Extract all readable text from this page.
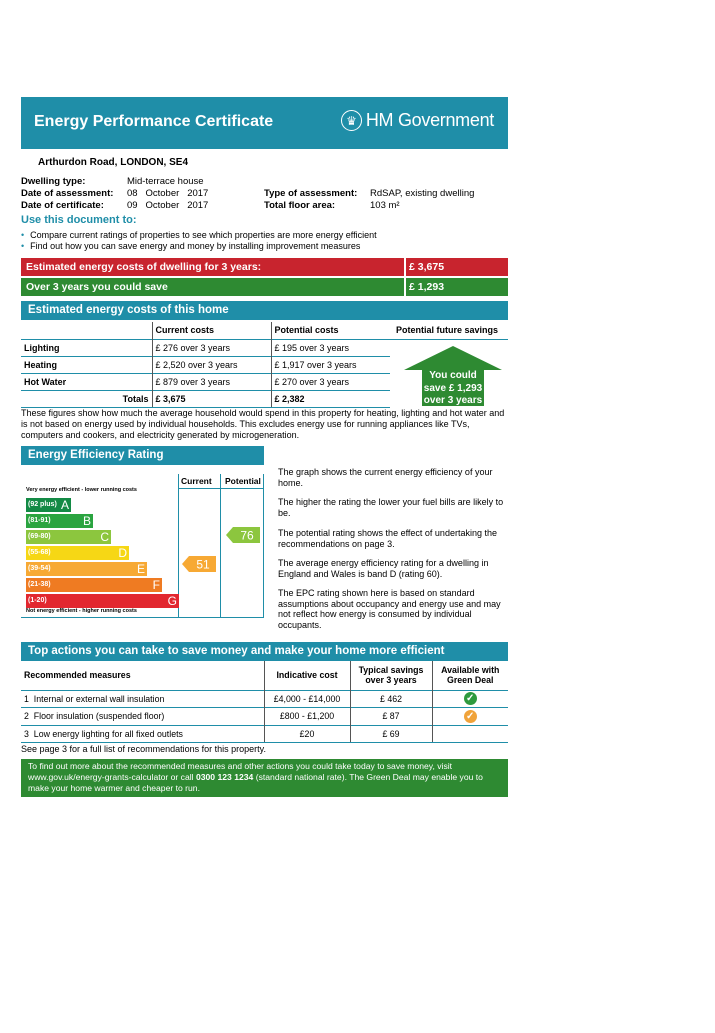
Energy Performance Certificate	♛ HM Government
Arthurdon Road, LONDON, SE4
Dwelling type:	Mid-terrace house
Date of assessment: 08   October   2017
Date of certificate: 09   October   2017
Type of assessment: RdSAP, existing dwelling
Total floor area:	103 m²
Use this document to:
• Compare current ratings of properties to see which properties are more energy efficient
• Find out how you can save energy and money by installing improvement measures
Estimated energy costs of dwelling for 3 years:	£ 3,675
Over 3 years you could save	£ 1,293
Estimated energy costs of this home
	Current costs	Potential costs	Potential future savings
Lighting	£ 276 over 3 years	£ 195 over 3 years	You could
save £ 1,293
over 3 years

Heating	£ 2,520 over 3 years	£ 1,917 over 3 years	
Hot Water	£ 879 over 3 years	£ 270 over 3 years	
Totals	£ 3,675	£ 2,382	
These figures show how much the average household would spend in this property for heating, lighting and hot water and is not based on energy used by individual households. This excludes energy use for running appliances like TVs, computers and cookers, and electricity generated by microgeneration.
Energy Efficiency Rating
Current Potential
Very energy efficient - lower running costs
Not energy efficient - higher running costs
(92 plus) A
(81-91)	B
(69-80)	C
(55-68)	D
(39-54)	E
(21-38)	F
(1-20)	G
51
76
The graph shows the current energy efficiency of your home.
The higher the rating the lower your fuel bills are likely to be.
The potential rating shows the effect of undertaking the recommendations on page 3.
The average energy efficiency rating for a dwelling in England and Wales is band D (rating 60).
The EPC rating shown here is based on standard assumptions about occupancy and energy use and may not reflect how energy is consumed by individual occupants.
Top actions you can take to save money and make your home more efficient
Recommended measures	Indicative cost	Typical savings
over 3 years	Available with
Green Deal
1 Internal or external wall insulation	£4,000 - £14,000	£ 462	✓
2 Floor insulation (suspended floor)	£800 - £1,200	£ 87	✓
3 Low energy lighting for all fixed outlets	£20	£ 69	
See page 3 for a full list of recommendations for this property.
To find out more about the recommended measures and other actions you could take today to save money, visit
www.gov.uk/energy-grants-calculator or call 0300 123 1234 (standard national rate). The Green Deal may enable you to
make your home warmer and cheaper to run.
